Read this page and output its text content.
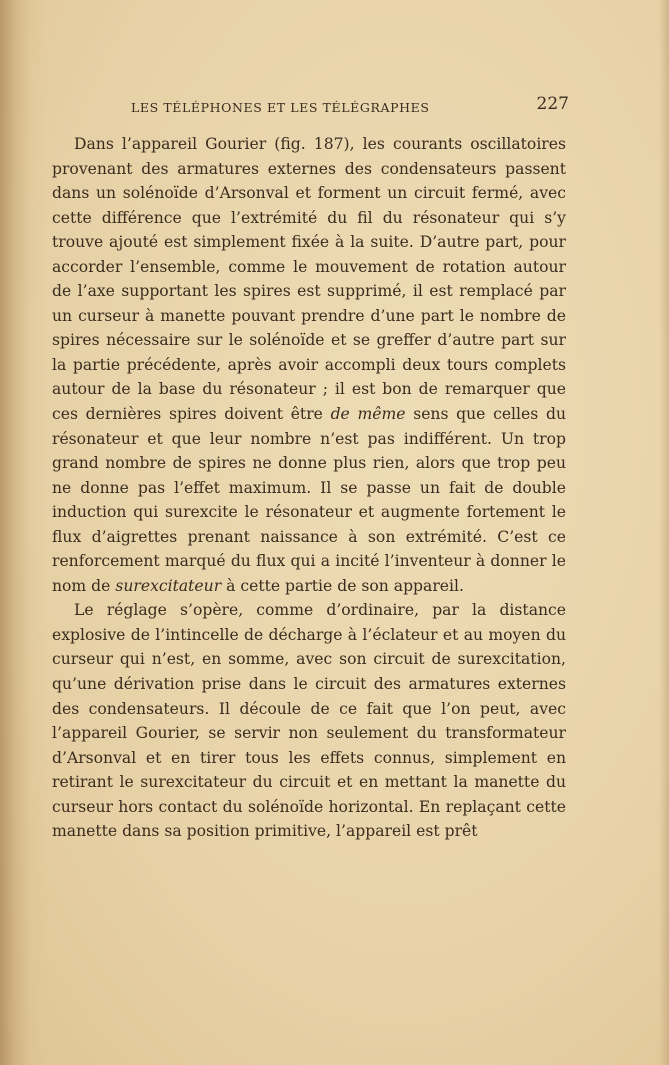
LES TÉLÉPHONES ET LES TÉLÉGRAPHES	227

Dans l’appareil Gourier (fig. 187), les courants oscillatoires provenant des armatures externes des condensateurs passent dans un solénoïde d’Arsonval et forment un circuit fermé, avec cette différence que l’extrémité du fil du résonateur qui s’y trouve ajouté est simplement fixée à la suite. D’autre part, pour accorder l’ensemble, comme le mouvement de rotation autour de l’axe supportant les spires est supprimé, il est remplacé par un curseur à manette pouvant prendre d’une part le nombre de spires nécessaire sur le solénoïde et se greffer d’autre part sur la partie précédente, après avoir accompli deux tours complets autour de la base du résonateur ; il est bon de remarquer que ces dernières spires doivent être de même sens que celles du résonateur et que leur nombre n’est pas indifférent. Un trop grand nombre de spires ne donne plus rien, alors que trop peu ne donne pas l’effet maximum. Il se passe un fait de double induction qui surexcite le résonateur et augmente fortement le flux d’aigrettes prenant naissance à son extrémité. C’est ce renforcement marqué du flux qui a incité l’inventeur à donner le nom de surexcitateur à cette partie de son appareil.

Le réglage s’opère, comme d’ordinaire, par la distance explosive de l’intincelle de décharge à l’éclateur et au moyen du curseur qui n’est, en somme, avec son circuit de surexcitation, qu’une dérivation prise dans le circuit des armatures externes des condensateurs. Il découle de ce fait que l’on peut, avec l’appareil Gourier, se servir non seulement du transformateur d’Arsonval et en tirer tous les effets connus, simplement en retirant le surexcitateur du circuit et en mettant la manette du curseur hors contact du solénoïde horizontal. En replaçant cette manette dans sa position primitive, l’appareil est prêt
